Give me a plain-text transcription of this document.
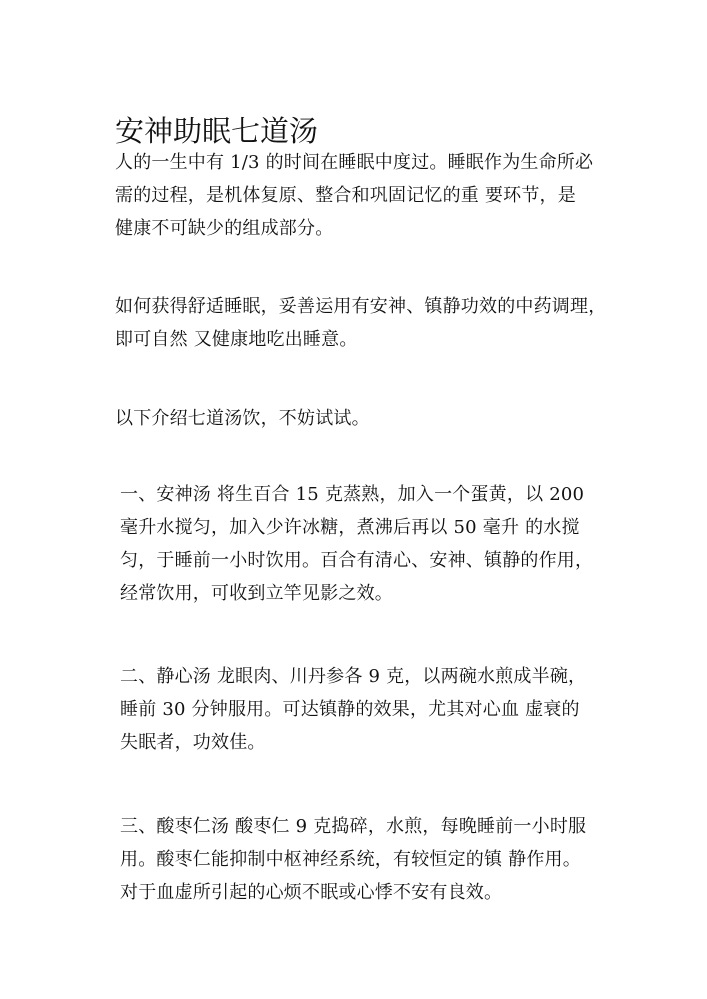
安神助眠七道汤
人的一生中有 1/3 的时间在睡眠中度过。睡眠作为生命所必
需的过程，是机体复原、整合和巩固记忆的重 要环节，是
健康不可缺少的组成部分。
如何获得舒适睡眠，妥善运用有安神、镇静功效的中药调理，
即可自然 又健康地吃出睡意。
以下介绍七道汤饮，不妨试试。
一、安神汤 将生百合 15 克蒸熟，加入一个蛋黄，以 200
毫升水搅匀，加入少许冰糖，煮沸后再以 50 毫升 的水搅
匀，于睡前一小时饮用。百合有清心、安神、镇静的作用，
经常饮用，可收到立竿见影之效。
二、静心汤 龙眼肉、川丹参各 9 克，以两碗水煎成半碗，
睡前 30 分钟服用。可达镇静的效果，尤其对心血 虚衰的
失眠者，功效佳。
三、酸枣仁汤 酸枣仁 9 克捣碎，水煎，每晚睡前一小时服
用。酸枣仁能抑制中枢神经系统，有较恒定的镇 静作用。
对于血虚所引起的心烦不眠或心悸不安有良效。
